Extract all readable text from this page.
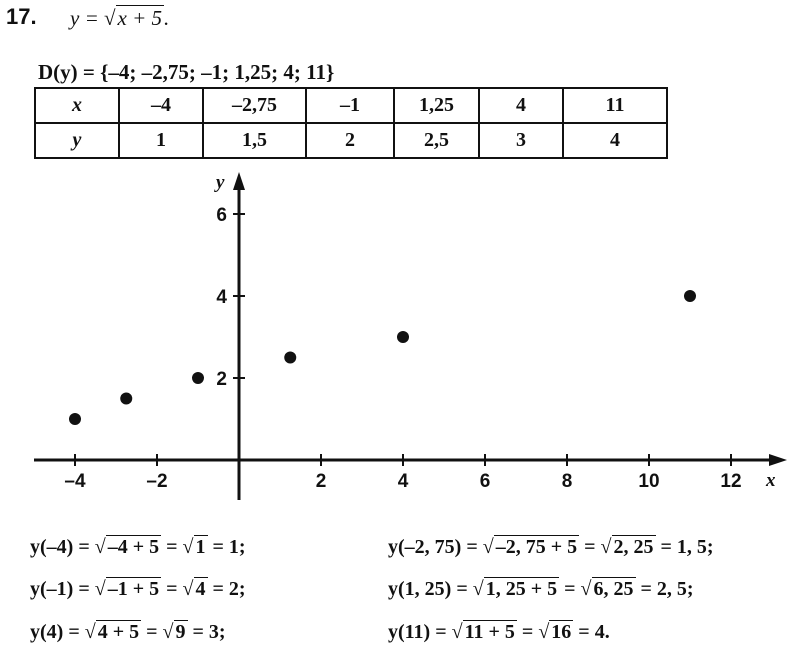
17. y = √x + 5.
D(y) = {–4; –2,75; –1; 1,25; 4; 11}
x	–4	–2,75	–1	1,25	4	11
y	1	1,5	2	2,5	3	4
x
y
–4	–2	2	4	6	8	10	12
2
4
6
y(–4) = √ –4 + 5 = √ 1 = 1;	y(–2, 75) = √ –2, 75 + 5 = √ 2, 25 = 1, 5;
y(–1) = √ –1 + 5 = √ 4 = 2;	y(1, 25) = √ 1, 25 + 5 = √ 6, 25 = 2, 5;
y(4) = √ 4 + 5 = √ 9 = 3;	y(11) = √ 11 + 5 = √ 16 = 4.
